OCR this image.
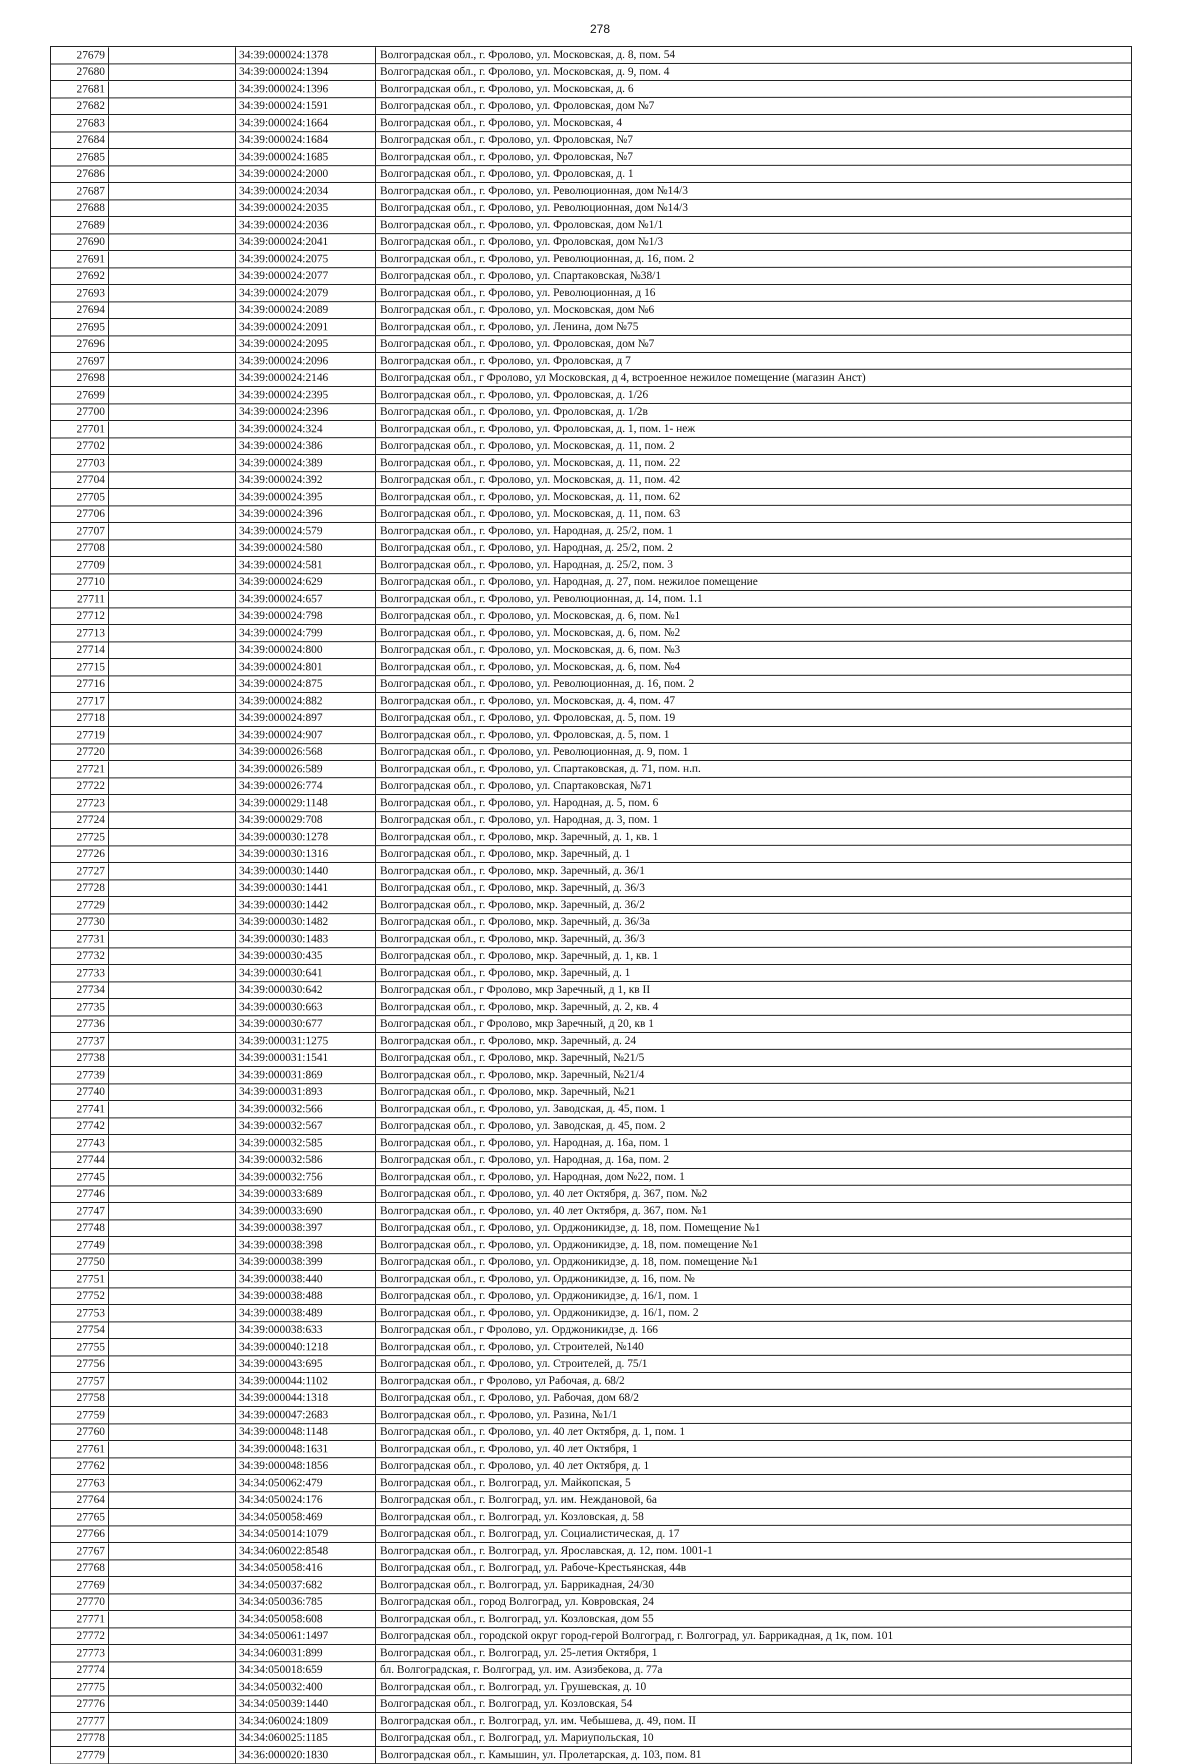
278
27679	34:39:000024:1378	Волгоградская обл., г. Фролово, ул. Московская, д. 8, пом. 54
27680	34:39:000024:1394	Волгоградская обл., г. Фролово, ул. Московская, д. 9, пом. 4
27681	34:39:000024:1396	Волгоградская обл., г. Фролово, ул. Московская, д. 6
27682	34:39:000024:1591	Волгоградская обл., г. Фролово, ул. Фроловская, дом №7
27683	34:39:000024:1664	Волгоградская обл., г. Фролово, ул. Московская, 4
27684	34:39:000024:1684	Волгоградская обл., г. Фролово, ул. Фроловская, №7
27685	34:39:000024:1685	Волгоградская обл., г. Фролово, ул. Фроловская, №7
27686	34:39:000024:2000	Волгоградская обл., г. Фролово, ул. Фроловская, д. 1
27687	34:39:000024:2034	Волгоградская обл., г. Фролово, ул. Революционная, дом №14/3
27688	34:39:000024:2035	Волгоградская обл., г. Фролово, ул. Революционная, дом №14/3
27689	34:39:000024:2036	Волгоградская обл., г. Фролово, ул. Фроловская, дом №1/1
27690	34:39:000024:2041	Волгоградская обл., г. Фролово, ул. Фроловская, дом №1/3
27691	34:39:000024:2075	Волгоградская обл., г. Фролово, ул. Революционная, д. 16, пом. 2
27692	34:39:000024:2077	Волгоградская обл., г. Фролово, ул. Спартаковская, №38/1
27693	34:39:000024:2079	Волгоградская обл., г. Фролово, ул. Революционная, д 16
27694	34:39:000024:2089	Волгоградская обл., г. Фролово, ул. Московская, дом №6
27695	34:39:000024:2091	Волгоградская обл., г. Фролово, ул. Ленина, дом №75
27696	34:39:000024:2095	Волгоградская обл., г. Фролово, ул. Фроловская, дом №7
27697	34:39:000024:2096	Волгоградская обл., г. Фролово, ул. Фроловская, д 7
27698	34:39:000024:2146	Волгоградская обл., г Фролово, ул Московская, д 4, встроенное нежилое помещение (магазин Анст)
27699	34:39:000024:2395	Волгоградская обл., г. Фролово, ул. Фроловская, д. 1/26
27700	34:39:000024:2396	Волгоградская обл., г. Фролово, ул. Фроловская, д. 1/2в
27701	34:39:000024:324	Волгоградская обл., г. Фролово, ул. Фроловская, д. 1, пом. 1- неж
27702	34:39:000024:386	Волгоградская обл., г. Фролово, ул. Московская, д. 11, пом. 2
27703	34:39:000024:389	Волгоградская обл., г. Фролово, ул. Московская, д. 11, пом. 22
27704	34:39:000024:392	Волгоградская обл., г. Фролово, ул. Московская, д. 11, пом. 42
27705	34:39:000024:395	Волгоградская обл., г. Фролово, ул. Московская, д. 11, пом. 62
27706	34:39:000024:396	Волгоградская обл., г. Фролово, ул. Московская, д. 11, пом. 63
27707	34:39:000024:579	Волгоградская обл., г. Фролово, ул. Народная, д. 25/2, пом. 1
27708	34:39:000024:580	Волгоградская обл., г. Фролово, ул. Народная, д. 25/2, пом. 2
27709	34:39:000024:581	Волгоградская обл., г. Фролово, ул. Народная, д. 25/2, пом. 3
27710	34:39:000024:629	Волгоградская обл., г. Фролово, ул. Народная, д. 27, пом. нежилое помещение
27711	34:39:000024:657	Волгоградская обл., г. Фролово, ул. Революционная, д. 14, пом. 1.1
27712	34:39:000024:798	Волгоградская обл., г. Фролово, ул. Московская, д. 6, пом. №1
27713	34:39:000024:799	Волгоградская обл., г. Фролово, ул. Московская, д. 6, пом. №2
27714	34:39:000024:800	Волгоградская обл., г. Фролово, ул. Московская, д. 6, пом. №3
27715	34:39:000024:801	Волгоградская обл., г. Фролово, ул. Московская, д. 6, пом. №4
27716	34:39:000024:875	Волгоградская обл., г. Фролово, ул. Революционная, д. 16, пом. 2
27717	34:39:000024:882	Волгоградская обл., г. Фролово, ул. Московская, д. 4, пом. 47
27718	34:39:000024:897	Волгоградская обл., г. Фролово, ул. Фроловская, д. 5, пом. 19
27719	34:39:000024:907	Волгоградская обл., г. Фролово, ул. Фроловская, д. 5, пом. 1
27720	34:39:000026:568	Волгоградская обл., г. Фролово, ул. Революционная, д. 9, пом. 1
27721	34:39:000026:589	Волгоградская обл., г. Фролово, ул. Спартаковская, д. 71, пом. н.п.
27722	34:39:000026:774	Волгоградская обл., г. Фролово, ул. Спартаковская, №71
27723	34:39:000029:1148	Волгоградская обл., г. Фролово, ул. Народная, д. 5, пом. 6
27724	34:39:000029:708	Волгоградская обл., г. Фролово, ул. Народная, д. 3, пом. 1
27725	34:39:000030:1278	Волгоградская обл., г. Фролово, мкр. Заречный, д. 1, кв. 1
27726	34:39:000030:1316	Волгоградская обл., г. Фролово, мкр. Заречный, д. 1
27727	34:39:000030:1440	Волгоградская обл., г. Фролово, мкр. Заречный, д. 36/1
27728	34:39:000030:1441	Волгоградская обл., г. Фролово, мкр. Заречный, д. 36/3
27729	34:39:000030:1442	Волгоградская обл., г. Фролово, мкр. Заречный, д. 36/2
27730	34:39:000030:1482	Волгоградская обл., г. Фролово, мкр. Заречный, д. 36/3а
27731	34:39:000030:1483	Волгоградская обл., г. Фролово, мкр. Заречный, д. 36/3
27732	34:39:000030:435	Волгоградская обл., г. Фролово, мкр. Заречный, д. 1, кв. 1
27733	34:39:000030:641	Волгоградская обл., г. Фролово, мкр. Заречный, д. 1
27734	34:39:000030:642	Волгоградская обл., г Фролово, мкр Заречный, д 1, кв II
27735	34:39:000030:663	Волгоградская обл., г. Фролово, мкр. Заречный, д. 2, кв. 4
27736	34:39:000030:677	Волгоградская обл., г Фролово, мкр Заречный, д 20, кв 1
27737	34:39:000031:1275	Волгоградская обл., г. Фролово, мкр. Заречный, д. 24
27738	34:39:000031:1541	Волгоградская обл., г. Фролово, мкр. Заречный, №21/5
27739	34:39:000031:869	Волгоградская обл., г. Фролово, мкр. Заречный, №21/4
27740	34:39:000031:893	Волгоградская обл., г. Фролово, мкр. Заречный, №21
27741	34:39:000032:566	Волгоградская обл., г. Фролово, ул. Заводская, д. 45, пом. 1
27742	34:39:000032:567	Волгоградская обл., г. Фролово, ул. Заводская, д. 45, пом. 2
27743	34:39:000032:585	Волгоградская обл., г. Фролово, ул. Народная, д. 16а, пом. 1
27744	34:39:000032:586	Волгоградская обл., г. Фролово, ул. Народная, д. 16а, пом. 2
27745	34:39:000032:756	Волгоградская обл., г. Фролово, ул. Народная, дом №22, пом. 1
27746	34:39:000033:689	Волгоградская обл., г. Фролово, ул. 40 лет Октября, д. 367, пом. №2
27747	34:39:000033:690	Волгоградская обл., г. Фролово, ул. 40 лет Октября, д. 367, пом. №1
27748	34:39:000038:397	Волгоградская обл., г. Фролово, ул. Орджоникидзе, д. 18, пом. Помещение №1
27749	34:39:000038:398	Волгоградская обл., г. Фролово, ул. Орджоникидзе, д. 18, пом. помещение №1
27750	34:39:000038:399	Волгоградская обл., г. Фролово, ул. Орджоникидзе, д. 18, пом. помещение №1
27751	34:39:000038:440	Волгоградская обл., г. Фролово, ул. Орджоникидзе, д. 16, пом. №
27752	34:39:000038:488	Волгоградская обл., г. Фролово, ул. Орджоникидзе, д. 16/1, пом. 1
27753	34:39:000038:489	Волгоградская обл., г. Фролово, ул. Орджоникидзе, д. 16/1, пом. 2
27754	34:39:000038:633	Волгоградская обл., г Фролово, ул. Орджоникидзе, д. 166
27755	34:39:000040:1218	Волгоградская обл., г. Фролово, ул. Строителей, №140
27756	34:39:000043:695	Волгоградская обл., г. Фролово, ул. Строителей, д. 75/1
27757	34:39:000044:1102	Волгоградская обл., г Фролово, ул Рабочая, д. 68/2
27758	34:39:000044:1318	Волгоградская обл., г. Фролово, ул. Рабочая, дом 68/2
27759	34:39:000047:2683	Волгоградская обл., г. Фролово, ул. Разина, №1/1
27760	34:39:000048:1148	Волгоградская обл., г. Фролово, ул. 40 лет Октября, д. 1, пом. 1
27761	34:39:000048:1631	Волгоградская обл., г. Фролово, ул. 40 лет Октября, 1
27762	34:39:000048:1856	Волгоградская обл., г. Фролово, ул. 40 лет Октября, д. 1
27763	34:34:050062:479	Волгоградская обл., г. Волгоград, ул. Майкопская, 5
27764	34:34:050024:176	Волгоградская обл., г. Волгоград, ул. им. Неждановой, 6а
27765	34:34:050058:469	Волгоградская обл., г. Волгоград, ул. Козловская, д. 58
27766	34:34:050014:1079	Волгоградская обл., г. Волгоград, ул. Социалистическая, д. 17
27767	34:34:060022:8548	Волгоградская обл., г. Волгоград, ул. Ярославская, д. 12, пом. 1001-1
27768	34:34:050058:416	Волгоградская обл., г. Волгоград, ул. Рабоче-Крестьянская, 44в
27769	34:34:050037:682	Волгоградская обл., г. Волгоград, ул. Баррикадная, 24/30
27770	34:34:050036:785	Волгоградская обл., город Волгоград, ул. Ковровская, 24
27771	34:34:050058:608	Волгоградская обл., г. Волгоград, ул. Козловская, дом 55
27772	34:34:050061:1497	Волгоградская обл., городской округ город-герой Волгоград, г. Волгоград, ул. Баррикадная, д 1к, пом. 101
27773	34:34:060031:899	Волгоградская обл., г. Волгоград, ул. 25-летия Октября, 1
27774	34:34:050018:659	бл. Волгоградская, г. Волгоград, ул. им. Азизбекова, д. 77а
27775	34:34:050032:400	Волгоградская обл., г. Волгоград, ул. Грушевская, д. 10
27776	34:34:050039:1440	Волгоградская обл., г. Волгоград, ул. Козловская, 54
27777	34:34:060024:1809	Волгоградская обл., г. Волгоград, ул. им. Чебышева, д. 49, пом. II
27778	34:34:060025:1185	Волгоградская обл., г. Волгоград, ул. Мариупольская, 10
27779	34:36:000020:1830	Волгоградская обл., г. Камышин, ул. Пролетарская, д. 103, пом. 81
